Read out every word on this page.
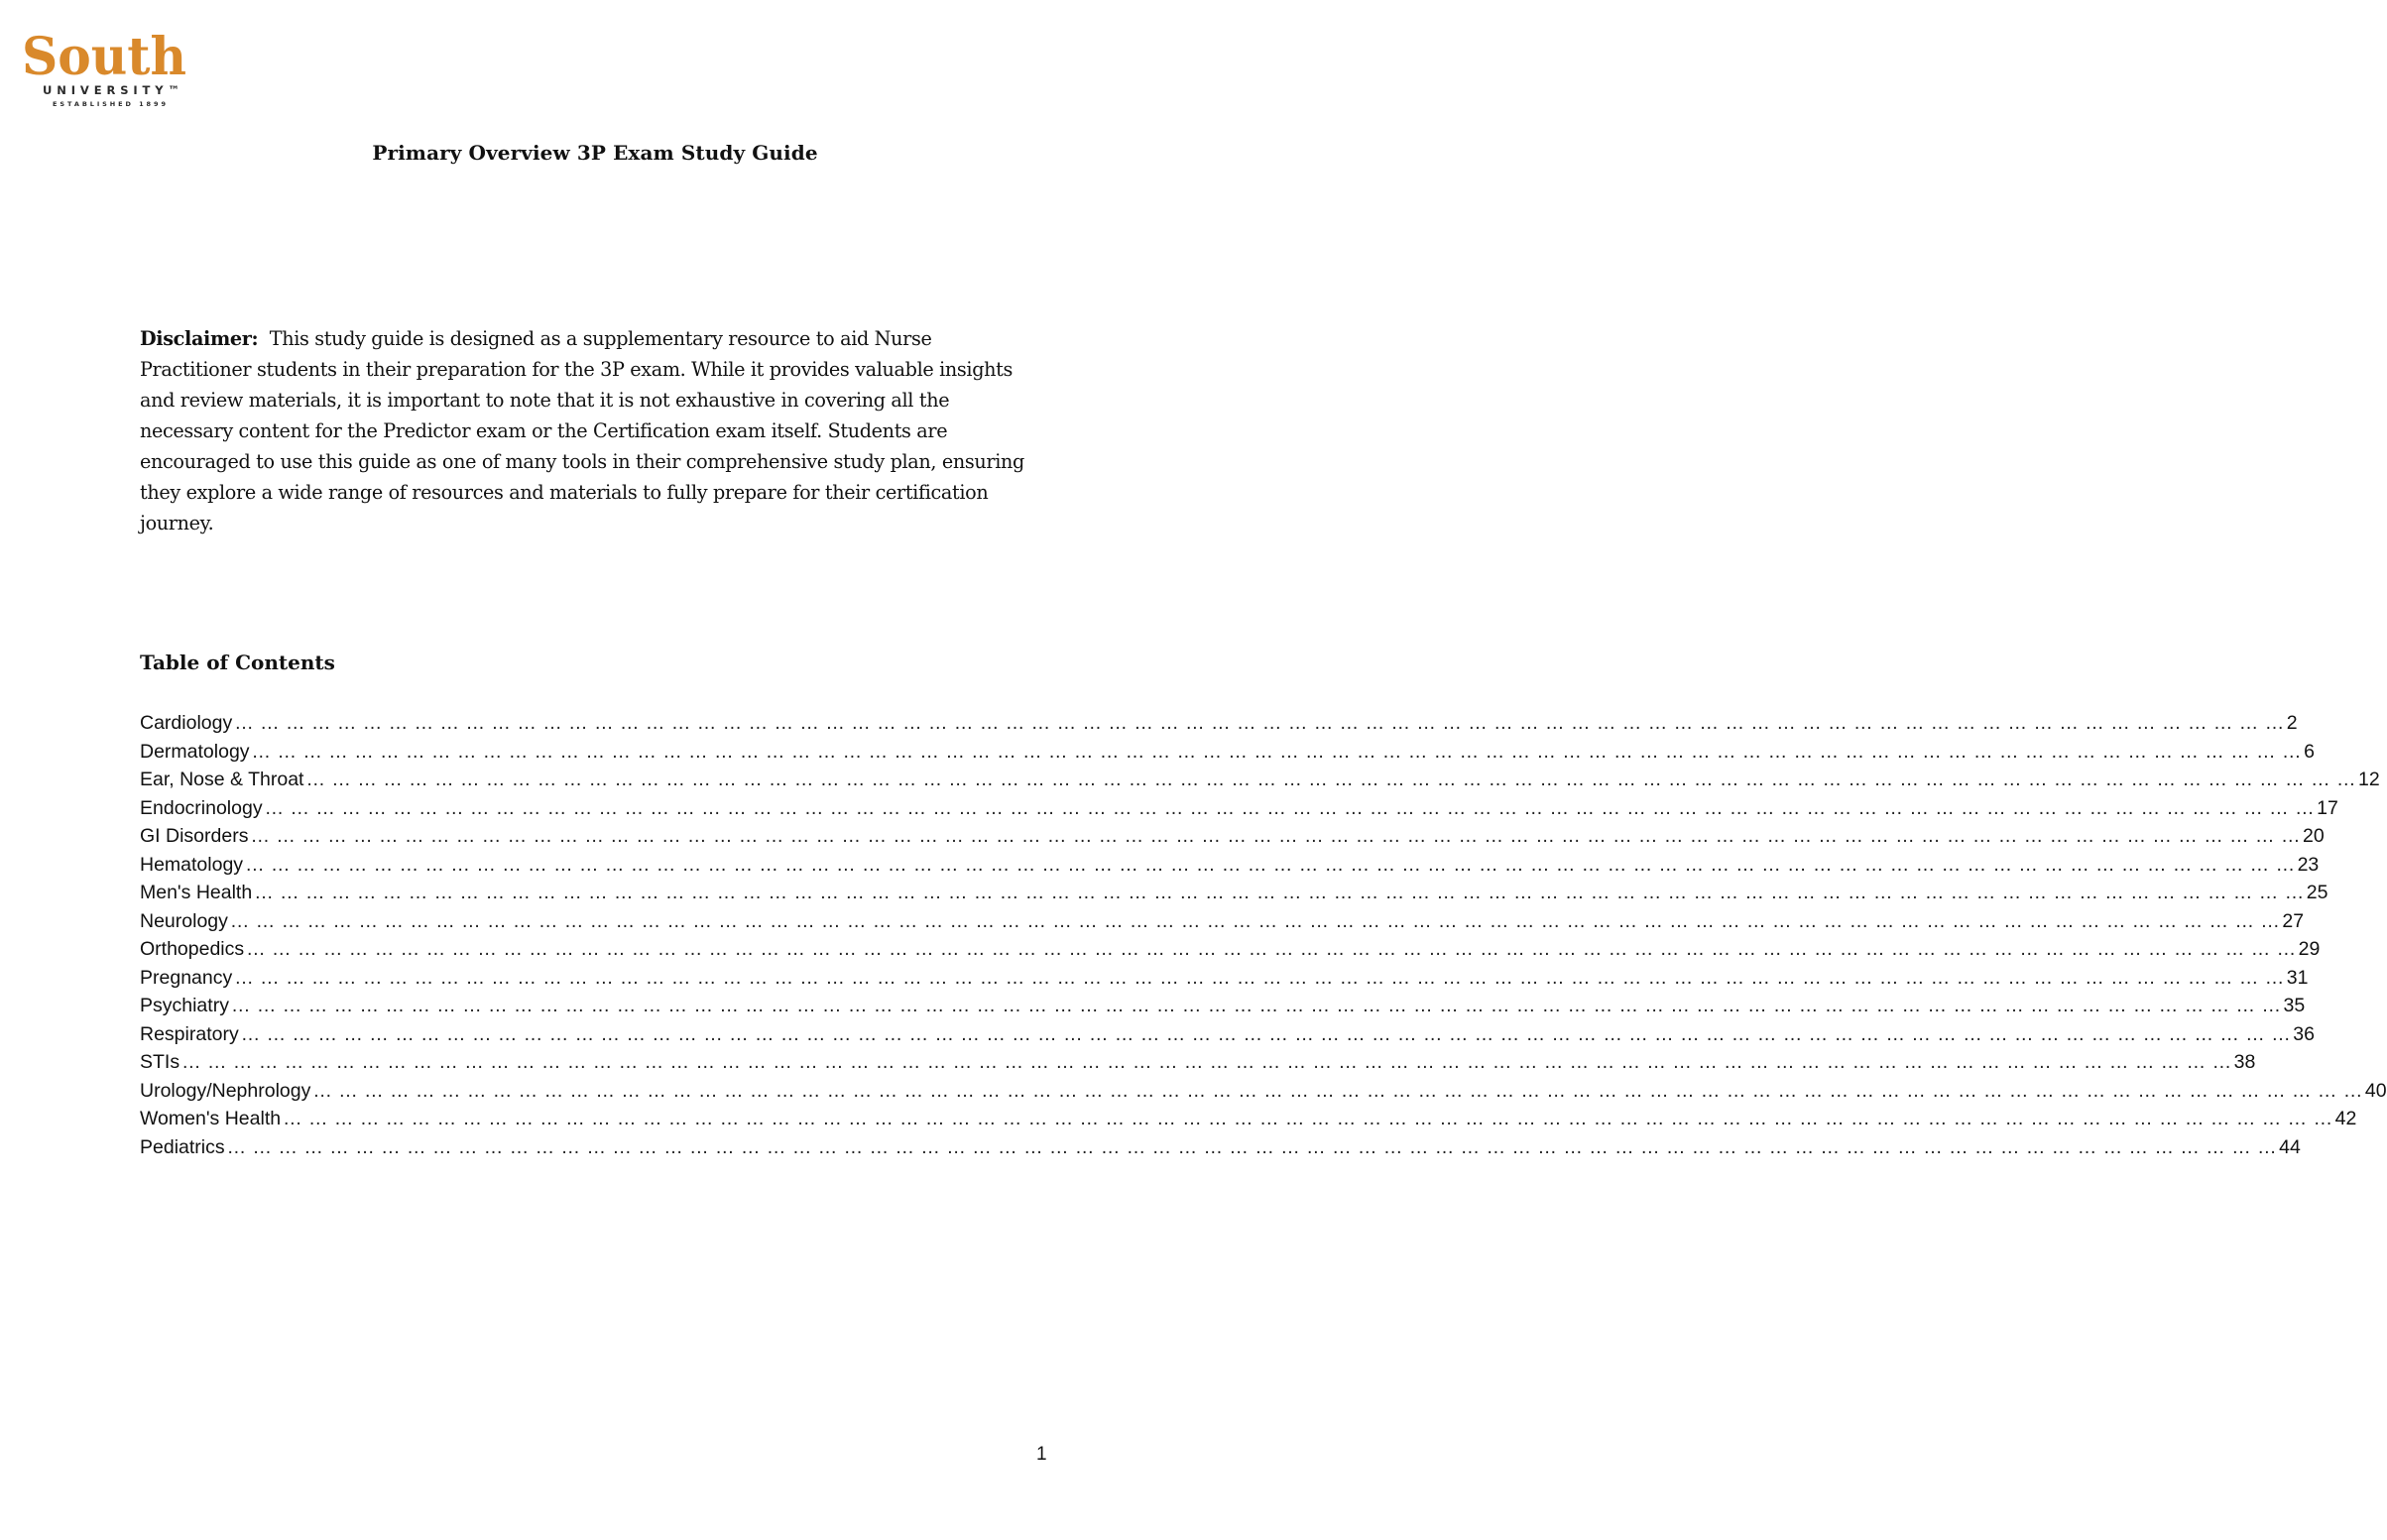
South
UNIVERSITY™
ESTABLISHED 1899
Primary Overview 3P Exam Study Guide
Disclaimer: This study guide is designed as a supplementary resource to aid Nurse Practitioner students in their preparation for the 3P exam. While it provides valuable insights and review materials, it is important to note that it is not exhaustive in covering all the necessary content for the Predictor exam or the Certification exam itself. Students are encouraged to use this guide as one of many tools in their comprehensive study plan, ensuring they explore a wide range of resources and materials to fully prepare for their certification journey.
Table of Contents
Cardiology … … … … … … … … … … … … … … … … … … … … … … … … … … … … … … … … … … … … … … … … … … … … … … … … … … … … … … … … … … … … … … … … … … … … … … … … … … … … … … … … 2
Dermatology … … … … … … … … … … … … … … … … … … … … … … … … … … … … … … … … … … … … … … … … … … … … … … … … … … … … … … … … … … … … … … … … … … … … … … … … … … … … … … … … 6
Ear, Nose & Throat … … … … … … … … … … … … … … … … … … … … … … … … … … … … … … … … … … … … … … … … … … … … … … … … … … … … … … … … … … … … … … … … … … … … … … … … … … … … … … … … 12
Endocrinology … … … … … … … … … … … … … … … … … … … … … … … … … … … … … … … … … … … … … … … … … … … … … … … … … … … … … … … … … … … … … … … … … … … … … … … … … … … … … … … … 17
GI Disorders … … … … … … … … … … … … … … … … … … … … … … … … … … … … … … … … … … … … … … … … … … … … … … … … … … … … … … … … … … … … … … … … … … … … … … … … … … … … … … … … 20
Hematology … … … … … … … … … … … … … … … … … … … … … … … … … … … … … … … … … … … … … … … … … … … … … … … … … … … … … … … … … … … … … … … … … … … … … … … … … … … … … … … … 23
Men's Health … … … … … … … … … … … … … … … … … … … … … … … … … … … … … … … … … … … … … … … … … … … … … … … … … … … … … … … … … … … … … … … … … … … … … … … … … … … … … … … … 25
Neurology … … … … … … … … … … … … … … … … … … … … … … … … … … … … … … … … … … … … … … … … … … … … … … … … … … … … … … … … … … … … … … … … … … … … … … … … … … … … … … … … 27
Orthopedics … … … … … … … … … … … … … … … … … … … … … … … … … … … … … … … … … … … … … … … … … … … … … … … … … … … … … … … … … … … … … … … … … … … … … … … … … … … … … … … … 29
Pregnancy … … … … … … … … … … … … … … … … … … … … … … … … … … … … … … … … … … … … … … … … … … … … … … … … … … … … … … … … … … … … … … … … … … … … … … … … … … … … … … … … 31
Psychiatry … … … … … … … … … … … … … … … … … … … … … … … … … … … … … … … … … … … … … … … … … … … … … … … … … … … … … … … … … … … … … … … … … … … … … … … … … … … … … … … … 35
Respiratory … … … … … … … … … … … … … … … … … … … … … … … … … … … … … … … … … … … … … … … … … … … … … … … … … … … … … … … … … … … … … … … … … … … … … … … … … … … … … … … … 36
STIs … … … … … … … … … … … … … … … … … … … … … … … … … … … … … … … … … … … … … … … … … … … … … … … … … … … … … … … … … … … … … … … … … … … … … … … … … … … … … … … … 38
Urology/Nephrology … … … … … … … … … … … … … … … … … … … … … … … … … … … … … … … … … … … … … … … … … … … … … … … … … … … … … … … … … … … … … … … … … … … … … … … … … … … … … … … … 40
Women's Health … … … … … … … … … … … … … … … … … … … … … … … … … … … … … … … … … … … … … … … … … … … … … … … … … … … … … … … … … … … … … … … … … … … … … … … … … … … … … … … … 42
Pediatrics … … … … … … … … … … … … … … … … … … … … … … … … … … … … … … … … … … … … … … … … … … … … … … … … … … … … … … … … … … … … … … … … … … … … … … … … … … … … … … … … 44
1
